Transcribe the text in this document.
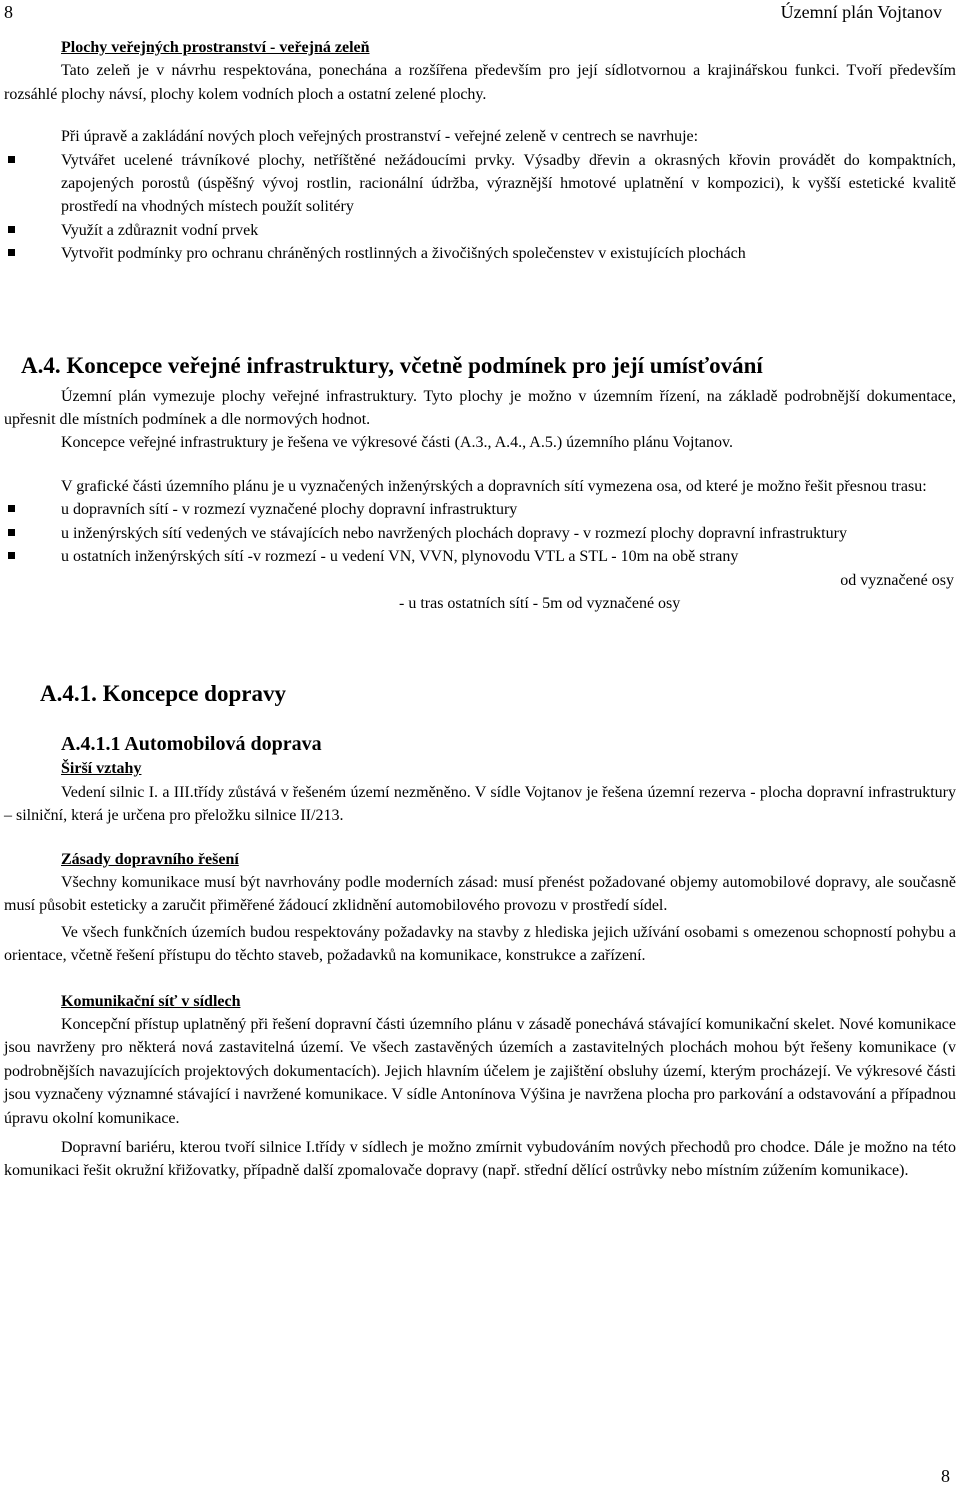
8	Územní plán Vojtanov

Plochy veřejných prostranství - veřejná zeleň

Tato zeleň je v návrhu respektována, ponechána a rozšířena především pro její sídlotvornou a krajinářskou funkci. Tvoří především rozsáhlé plochy návsí, plochy kolem vodních ploch a ostatní zelené plochy.

Při úpravě a zakládání nových ploch veřejných prostranství - veřejné zeleně v centrech se navrhuje:

Vytvářet ucelené trávníkové plochy, netříštěné nežádoucími prvky. Výsadby dřevin a okrasných křovin provádět do kompaktních, zapojených porostů (úspěšný vývoj rostlin, racionální údržba, výraznější hmotové uplatnění v kompozici), k vyšší estetické kvalitě prostředí na vhodných místech použít solitéry
Využít a zdůraznit vodní prvek
Vytvořit podmínky pro ochranu chráněných rostlinných a živočišných společenstev v existujících plochách
A.4. Koncepce veřejné infrastruktury, včetně podmínek pro její umísťování

Územní plán vymezuje plochy veřejné infrastruktury. Tyto plochy je možno v územním řízení, na základě podrobnější dokumentace, upřesnit dle místních podmínek a dle normových hodnot.

Koncepce veřejné infrastruktury je řešena ve výkresové části (A.3., A.4., A.5.) územního plánu Vojtanov.

V grafické části územního plánu je u vyznačených inženýrských a dopravních sítí vymezena osa, od které je možno řešit přesnou trasu:

u dopravních sítí - v rozmezí vyznačené plochy dopravní infrastruktury
u inženýrských sítí vedených ve stávajících nebo navržených plochách dopravy - v rozmezí plochy dopravní infrastruktury
u ostatních inženýrských sítí -v rozmezí - u vedení VN, VVN, plynovodu VTL a STL - 10m na obě strany

od vyznačené osy

- u tras ostatních sítí - 5m od vyznačené osy

A.4.1. Koncepce dopravy
A.4.1.1 Automobilová doprava

Širší vztahy

Vedení silnic I. a III.třídy zůstává v řešeném území nezměněno. V sídle Vojtanov je řešena územní rezerva - plocha dopravní infrastruktury – silniční, která je určena pro přeložku silnice II/213.

Zásady dopravního řešení

Všechny komunikace musí být navrhovány podle moderních zásad: musí přenést požadované objemy automobilové dopravy, ale současně musí působit esteticky a zaručit přiměřené žádoucí zklidnění automobilového provozu v prostředí sídel.

Ve všech funkčních územích budou respektovány požadavky na stavby z hlediska jejich užívání osobami s omezenou schopností pohybu a orientace, včetně řešení přístupu do těchto staveb, požadavků na komunikace, konstrukce a zařízení.

Komunikační síť v sídlech

Koncepční přístup uplatněný při řešení dopravní části územního plánu v zásadě ponechává stávající komunikační skelet. Nové komunikace jsou navrženy pro některá nová zastavitelná území. Ve všech zastavěných územích a zastavitelných plochách mohou být řešeny komunikace (v podrobnějších navazujících projektových dokumentacích). Jejich hlavním účelem je zajištění obsluhy území, kterým procházejí. Ve výkresové části jsou vyznačeny významné stávající i navržené komunikace. V sídle Antonínova Výšina je navržena plocha pro parkování a odstavování a případnou úpravu okolní komunikace.

Dopravní bariéru, kterou tvoří silnice I.třídy v sídlech je možno zmírnit vybudováním nových přechodů pro chodce. Dále je možno na této komunikaci řešit okružní křižovatky, případně další zpomalovače dopravy (např. střední dělící ostrůvky nebo místním zúžením komunikace).

8
